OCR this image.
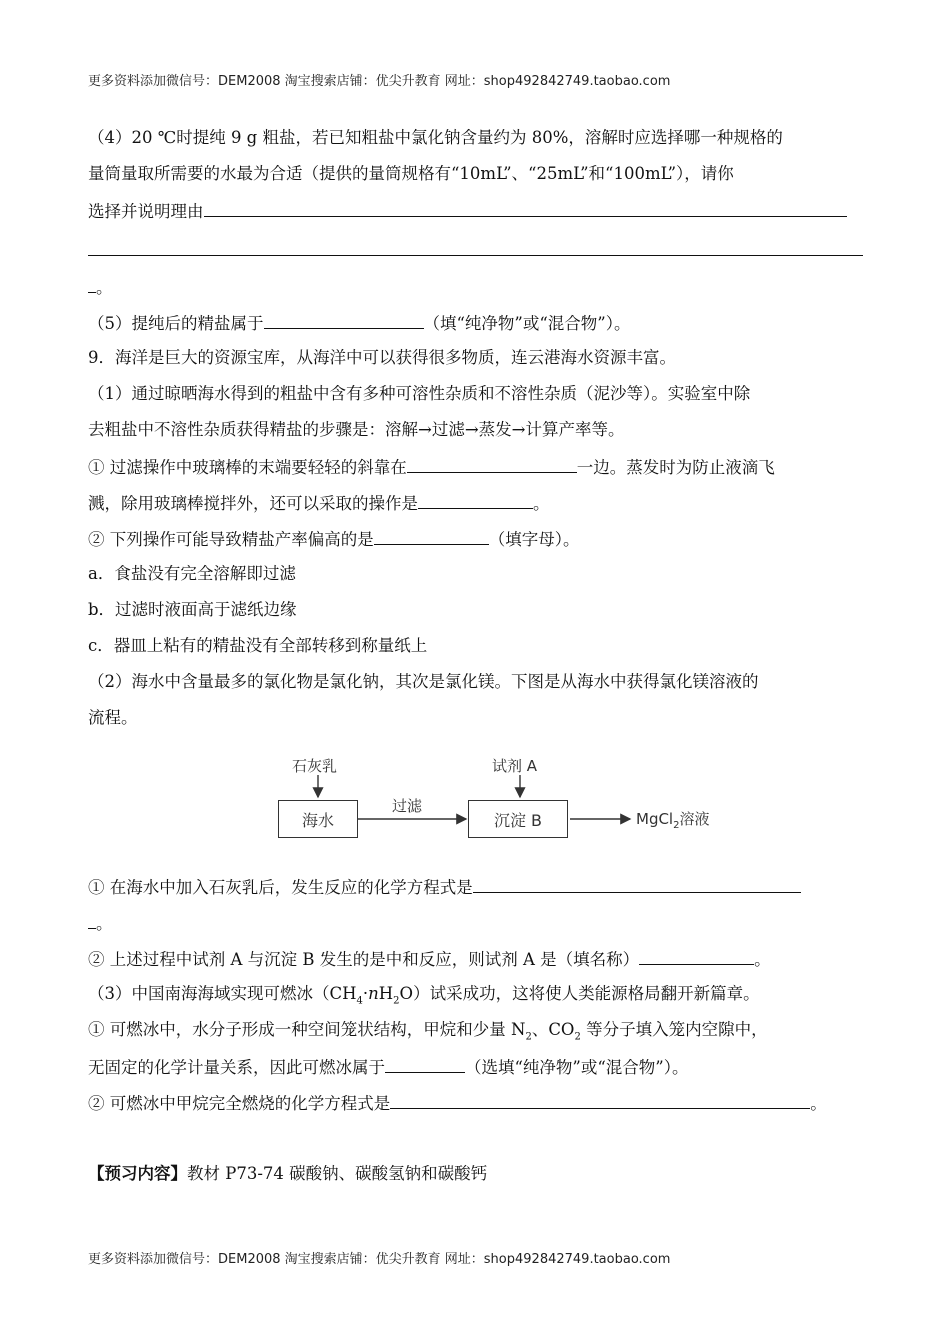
更多资料添加微信号：DEM2008 淘宝搜索店铺：优尖升教育 网址：shop492842749.taobao.com
（4）20 ℃时提纯 9 g 粗盐，若已知粗盐中氯化钠含量约为 80%，溶解时应选择哪一种规格的
量筒量取所需要的水最为合适（提供的量筒规格有“10mL”、“25mL”和“100mL”），请你
选择并说明理由
。
（5）提纯后的精盐属于	（填“纯净物”或“混合物”）。
9．海洋是巨大的资源宝库，从海洋中可以获得很多物质，连云港海水资源丰富。
（1）通过晾晒海水得到的粗盐中含有多种可溶性杂质和不溶性杂质（泥沙等）。实验室中除
去粗盐中不溶性杂质获得精盐的步骤是：溶解→过滤→蒸发→计算产率等。
① 过滤操作中玻璃棒的末端要轻轻的斜靠在	一边。蒸发时为防止液滴飞
溅，除用玻璃棒搅拌外，还可以采取的操作是	。
② 下列操作可能导致精盐产率偏高的是	（填字母）。
a．食盐没有完全溶解即过滤
b．过滤时液面高于滤纸边缘
c．器皿上粘有的精盐没有全部转移到称量纸上
（2）海水中含量最多的氯化物是氯化钠，其次是氯化镁。下图是从海水中获得氯化镁溶液的
流程。
石灰乳	试剂 A
海水
过滤
沉淀 B	MgCl$_2$溶液
① 在海水中加入石灰乳后，发生反应的化学方程式是
。
② 上述过程中试剂 A 与沉淀 B 发生的是中和反应，则试剂 A 是（填名称）	。
（3）中国南海海域实现可燃冰$(CH_4\cdot nH_2O)$试采成功，这将使人类能源格局翻开新篇章。
① 可燃冰中，水分子形成一种空间笼状结构，甲烷和少量 $N_2$、$CO_2$ 等分子填入笼内空隙中，
无固定的化学计量关系，因此可燃冰属于	（选填“纯净物”或“混合物”）。
② 可燃冰中甲烷完全燃烧的化学方程式是	。
【预习内容】教材 P73-74 碳酸钠、碳酸氢钠和碳酸钙
更多资料添加微信号：DEM2008 淘宝搜索店铺：优尖升教育 网址：shop492842749.taobao.com
